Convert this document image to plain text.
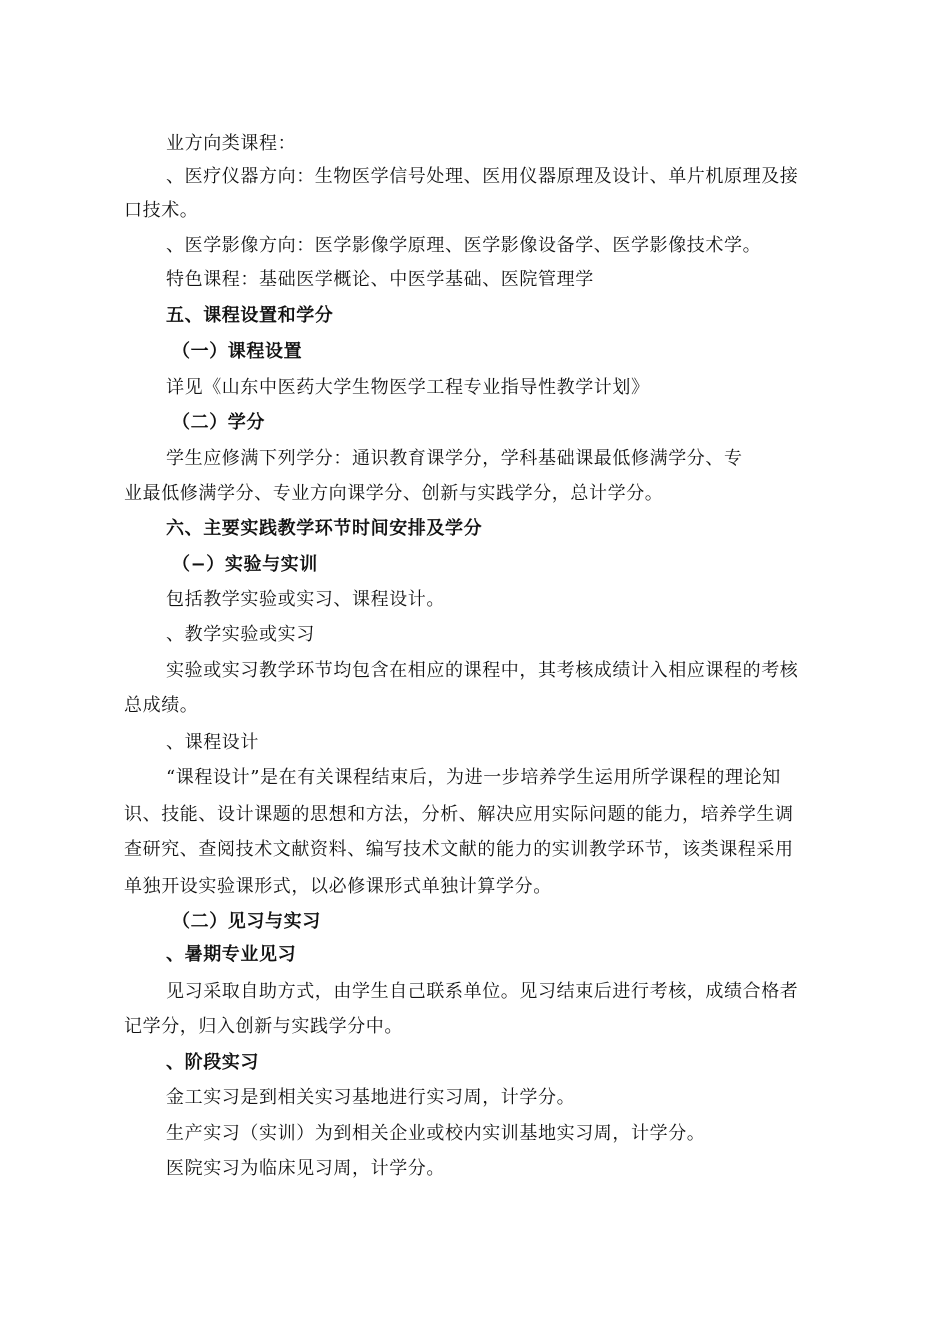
业方向类课程：
、医疗仪器方向：生物医学信号处理、医用仪器原理及设计、单片机原理及接
口技术。
、医学影像方向：医学影像学原理、医学影像设备学、医学影像技术学。
特色课程：基础医学概论、中医学基础、医院管理学
五、课程设置和学分
（一）课程设置
详见《山东中医药大学生物医学工程专业指导性教学计划》
（二）学分
学生应修满下列学分：通识教育课学分，学科基础课最低修满学分、专
业最低修满学分、专业方向课学分、创新与实践学分，总计学分。
六、主要实践教学环节时间安排及学分
（−）实验与实训
包括教学实验或实习、课程设计。
、教学实验或实习
实验或实习教学环节均包含在相应的课程中，其考核成绩计入相应课程的考核
总成绩。
、课程设计
“课程设计”是在有关课程结束后，为进一步培养学生运用所学课程的理论知
识、技能、设计课题的思想和方法，分析、解决应用实际问题的能力，培养学生调
查研究、查阅技术文献资料、编写技术文献的能力的实训教学环节，该类课程采用
单独开设实验课形式，以必修课形式单独计算学分。
（二）见习与实习
、暑期专业见习
见习采取自助方式，由学生自己联系单位。见习结束后进行考核，成绩合格者
记学分，归入创新与实践学分中。
、阶段实习
金工实习是到相关实习基地进行实习周，计学分。
生产实习（实训）为到相关企业或校内实训基地实习周，计学分。
医院实习为临床见习周，计学分。
